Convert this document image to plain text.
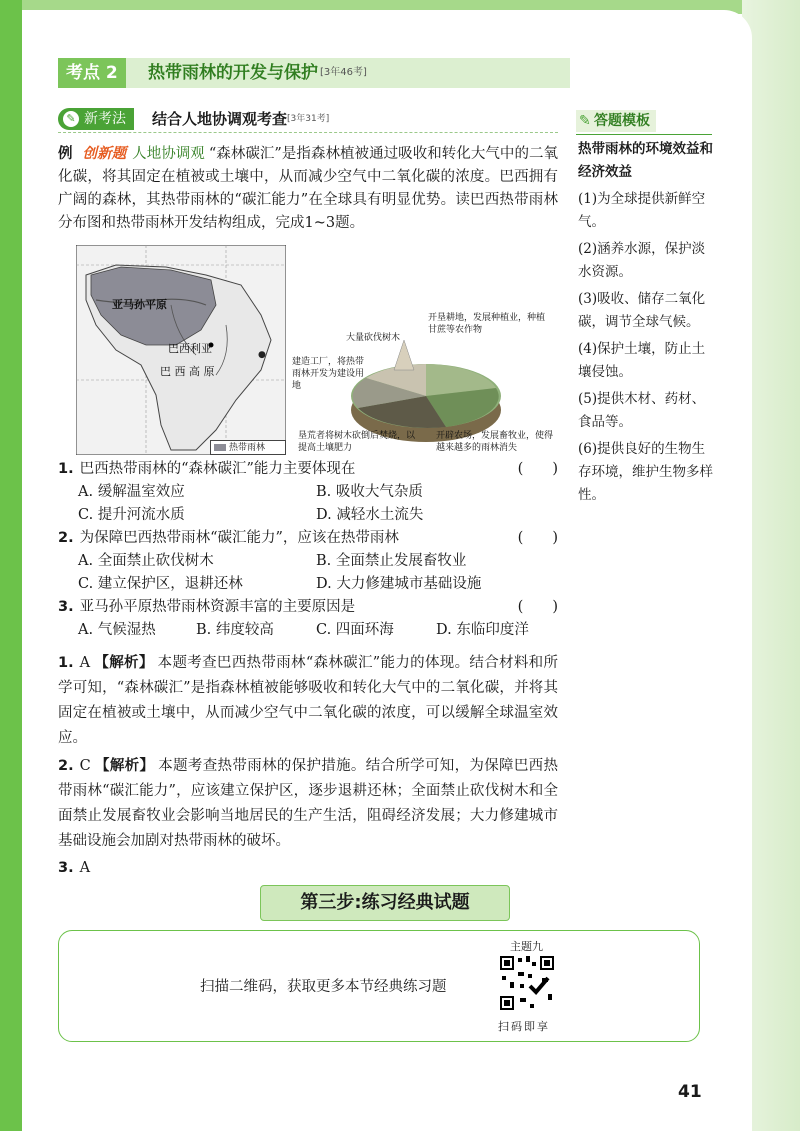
考点 2	热带雨林的开发与保护 [3年46考]
✎ 新考法	结合人地协调观考查[3年31考]
例 创新题 人地协调观 “森林碳汇”是指森林植被通过吸收和转化大气中的二氧化碳，将其固定在植被或土壤中，从而减少空气中二氧化碳的浓度。巴西拥有广阔的森林，其热带雨林的“碳汇能力”在全球具有明显优势。读巴西热带雨林分布图和热带雨林开发结构组成，完成1~3题。
●
亚马孙平原
巴西利亚
巴 西 高 原
热带雨林
开垦耕地，发展种植业，种植甘蔗等农作物
大量砍伐树木
建造工厂，将热带雨林开发为建设用地
垦荒者将树木砍倒后焚烧，以提高土壤肥力
开辟农场，发展畜牧业，使得越来越多的雨林消失
1. 巴西热带雨林的“森林碳汇”能力主要体现在	(　　)
A. 缓解温室效应	B. 吸收大气杂质
C. 提升河流水质	D. 减轻水土流失
2. 为保障巴西热带雨林“碳汇能力”，应该在热带雨林	(　　)
A. 全面禁止砍伐树木	B. 全面禁止发展畜牧业
C. 建立保护区，退耕还林	D. 大力修建城市基础设施
3. 亚马孙平原热带雨林资源丰富的主要原因是	(　　)
A. 气候湿热	B. 纬度较高	C. 四面环海	D. 东临印度洋

1. A 【解析】 本题考查巴西热带雨林“森林碳汇”能力的体现。结合材料和所学可知，“森林碳汇”是指森林植被能够吸收和转化大气中的二氧化碳，并将其固定在植被或土壤中，从而减少空气中二氧化碳的浓度，可以缓解全球温室效应。

2. C 【解析】 本题考查热带雨林的保护措施。结合所学可知，为保障巴西热带雨林“碳汇能力”，应该建立保护区，逐步退耕还林；全面禁止砍伐树木和全面禁止发展畜牧业会影响当地居民的生产生活，阻碍经济发展；大力修建城市基础设施会加剧对热带雨林的破坏。

3. A

✎ 答题模板
热带雨林的环境效益和经济效益

(1)为全球提供新鲜空气。

(2)涵养水源，保护淡水资源。

(3)吸收、储存二氧化碳，调节全球气候。

(4)保护土壤，防止土壤侵蚀。

(5)提供木材、药材、食品等。

(6)提供良好的生物生存环境，维护生物多样性。

第三步:练习经典试题
扫描二维码，获取更多本节经典练习题
主题九
扫码即享
41
